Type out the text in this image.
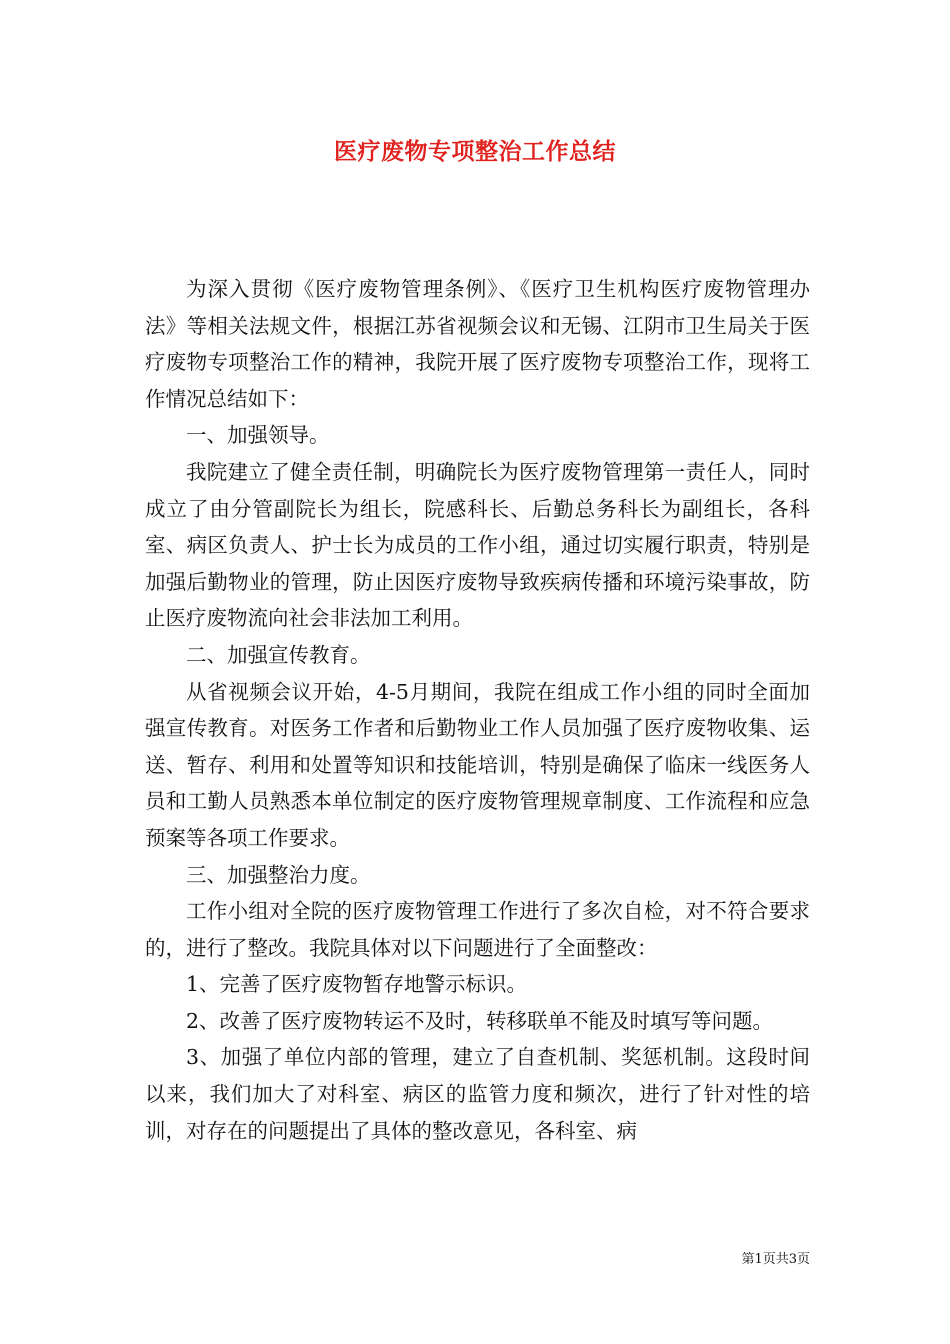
医疗废物专项整治工作总结

为深入贯彻《医疗废物管理条例》、《医疗卫生机构医疗废物管理办法》等相关法规文件，根据江苏省视频会议和无锡、江阴市卫生局关于医疗废物专项整治工作的精神，我院开展了医疗废物专项整治工作，现将工作情况总结如下：

一、加强领导。

我院建立了健全责任制，明确院长为医疗废物管理第一责任人，同时成立了由分管副院长为组长，院感科长、后勤总务科长为副组长，各科室、病区负责人、护士长为成员的工作小组，通过切实履行职责，特别是加强后勤物业的管理，防止因医疗废物导致疾病传播和环境污染事故，防止医疗废物流向社会非法加工利用。

二、加强宣传教育。

从省视频会议开始，4-5月期间，我院在组成工作小组的同时全面加强宣传教育。对医务工作者和后勤物业工作人员加强了医疗废物收集、运送、暂存、利用和处置等知识和技能培训，特别是确保了临床一线医务人员和工勤人员熟悉本单位制定的医疗废物管理规章制度、工作流程和应急预案等各项工作要求。

三、加强整治力度。

工作小组对全院的医疗废物管理工作进行了多次自检，对不符合要求的，进行了整改。我院具体对以下问题进行了全面整改：

1、完善了医疗废物暂存地警示标识。

2、改善了医疗废物转运不及时，转移联单不能及时填写等问题。

3、加强了单位内部的管理，建立了自查机制、奖惩机制。这段时间以来，我们加大了对科室、病区的监管力度和频次，进行了针对性的培训，对存在的问题提出了具体的整改意见，各科室、病

第1页共3页
